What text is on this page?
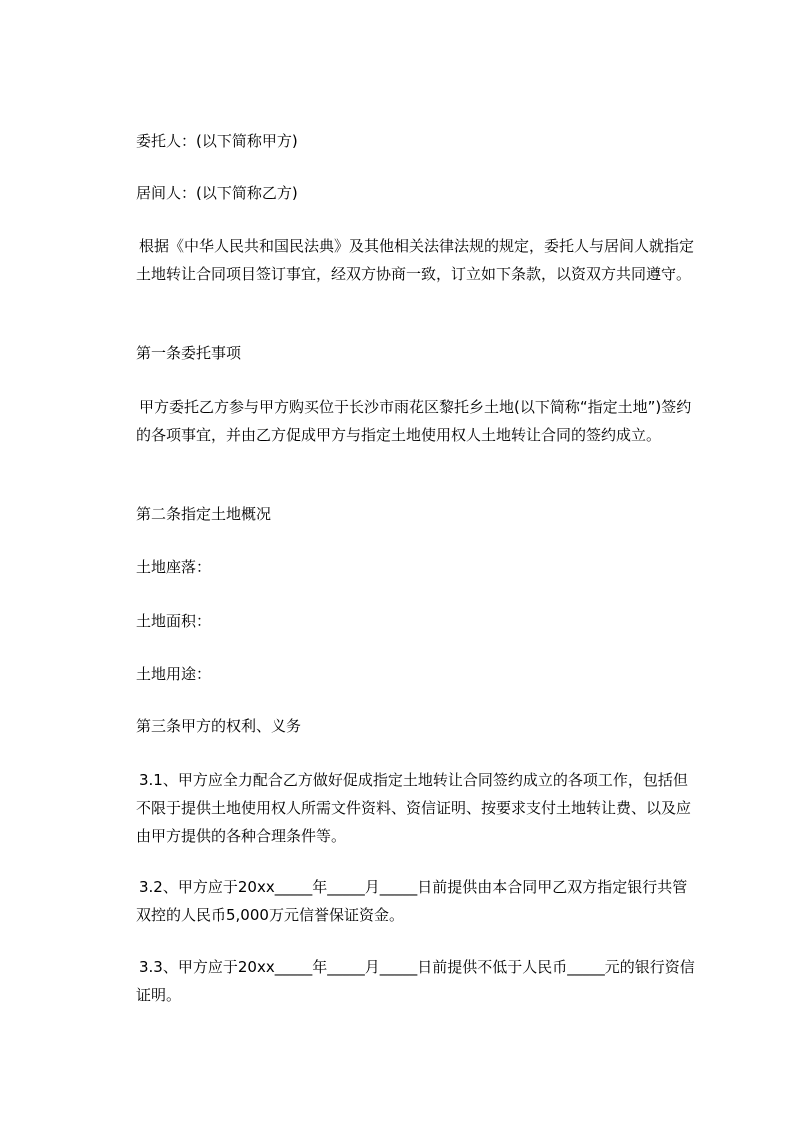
委托人：(以下简称甲方)
居间人：(以下简称乙方)
根据《中华人民共和国民法典》及其他相关法律法规的规定，委托人与居间人就指定土地转让合同项目签订事宜，经双方协商一致，订立如下条款，以资双方共同遵守。
第一条委托事项
甲方委托乙方参与甲方购买位于长沙市雨花区黎托乡土地(以下简称“指定土地”)签约的各项事宜，并由乙方促成甲方与指定土地使用权人土地转让合同的签约成立。
第二条指定土地概况
土地座落：
土地面积：
土地用途：
第三条甲方的权利、义务
3.1、甲方应全力配合乙方做好促成指定土地转让合同签约成立的各项工作，包括但不限于提供土地使用权人所需文件资料、资信证明、按要求支付土地转让费、以及应由甲方提供的各种合理条件等。
3.2、甲方应于20xx_____年_____月_____日前提供由本合同甲乙双方指定银行共管双控的人民币5,000万元信誉保证资金。
3.3、甲方应于20xx_____年_____月_____日前提供不低于人民币_____元的银行资信证明。
